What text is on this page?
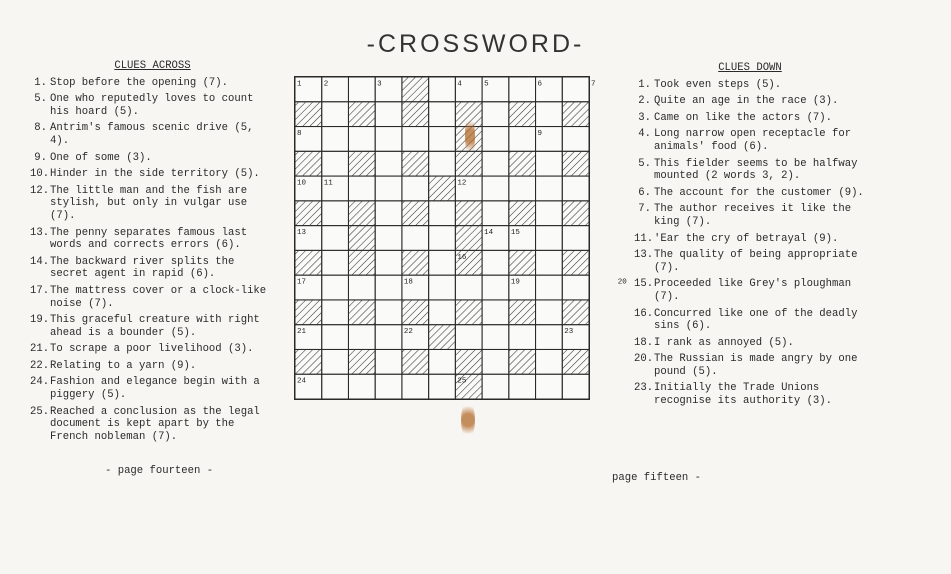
-CROSSWORD-
CLUES ACROSS
1. Stop before the opening (7).
5. One who reputedly loves to count his hoard (5).
8. Antrim's famous scenic drive (5, 4).
9. One of some (3).
10. Hinder in the side territory (5).
12. The little man and the fish are stylish, but only in vulgar use (7).
13. The penny separates famous last words and corrects errors (6).
14. The backward river splits the secret agent in rapid (6).
17. The mattress cover or a clock-like noise (7).
19. This graceful creature with right ahead is a bounder (5).
21. To scrape a poor livelihood (3).
22. Relating to a yarn (9).
24. Fashion and elegance begin with a piggery (5).
25. Reached a conclusion as the legal document is kept apart by the French nobleman (7).
- page fourteen -
1	2	3	4	5	6	7
8	9
10 11	12
13	14 15
16
17	18	19	20
21	22	23
24	25
CLUES DOWN
1. Took even steps (5).
2. Quite an age in the race (3).
3. Came on like the actors (7).
4. Long narrow open receptacle for animals' food (6).
5. This fielder seems to be halfway mounted (2 words 3, 2).
6. The account for the customer (9).
7. The author receives it like the king (7).
11. 'Ear the cry of betrayal (9).
13. The quality of being appropriate (7).
15. Proceeded like Grey's ploughman (7).
16. Concurred like one of the deadly sins (6).
18. I rank as annoyed (5).
20. The Russian is made angry by one pound (5).
23. Initially the Trade Unions recognise its authority (3).
page fifteen -
